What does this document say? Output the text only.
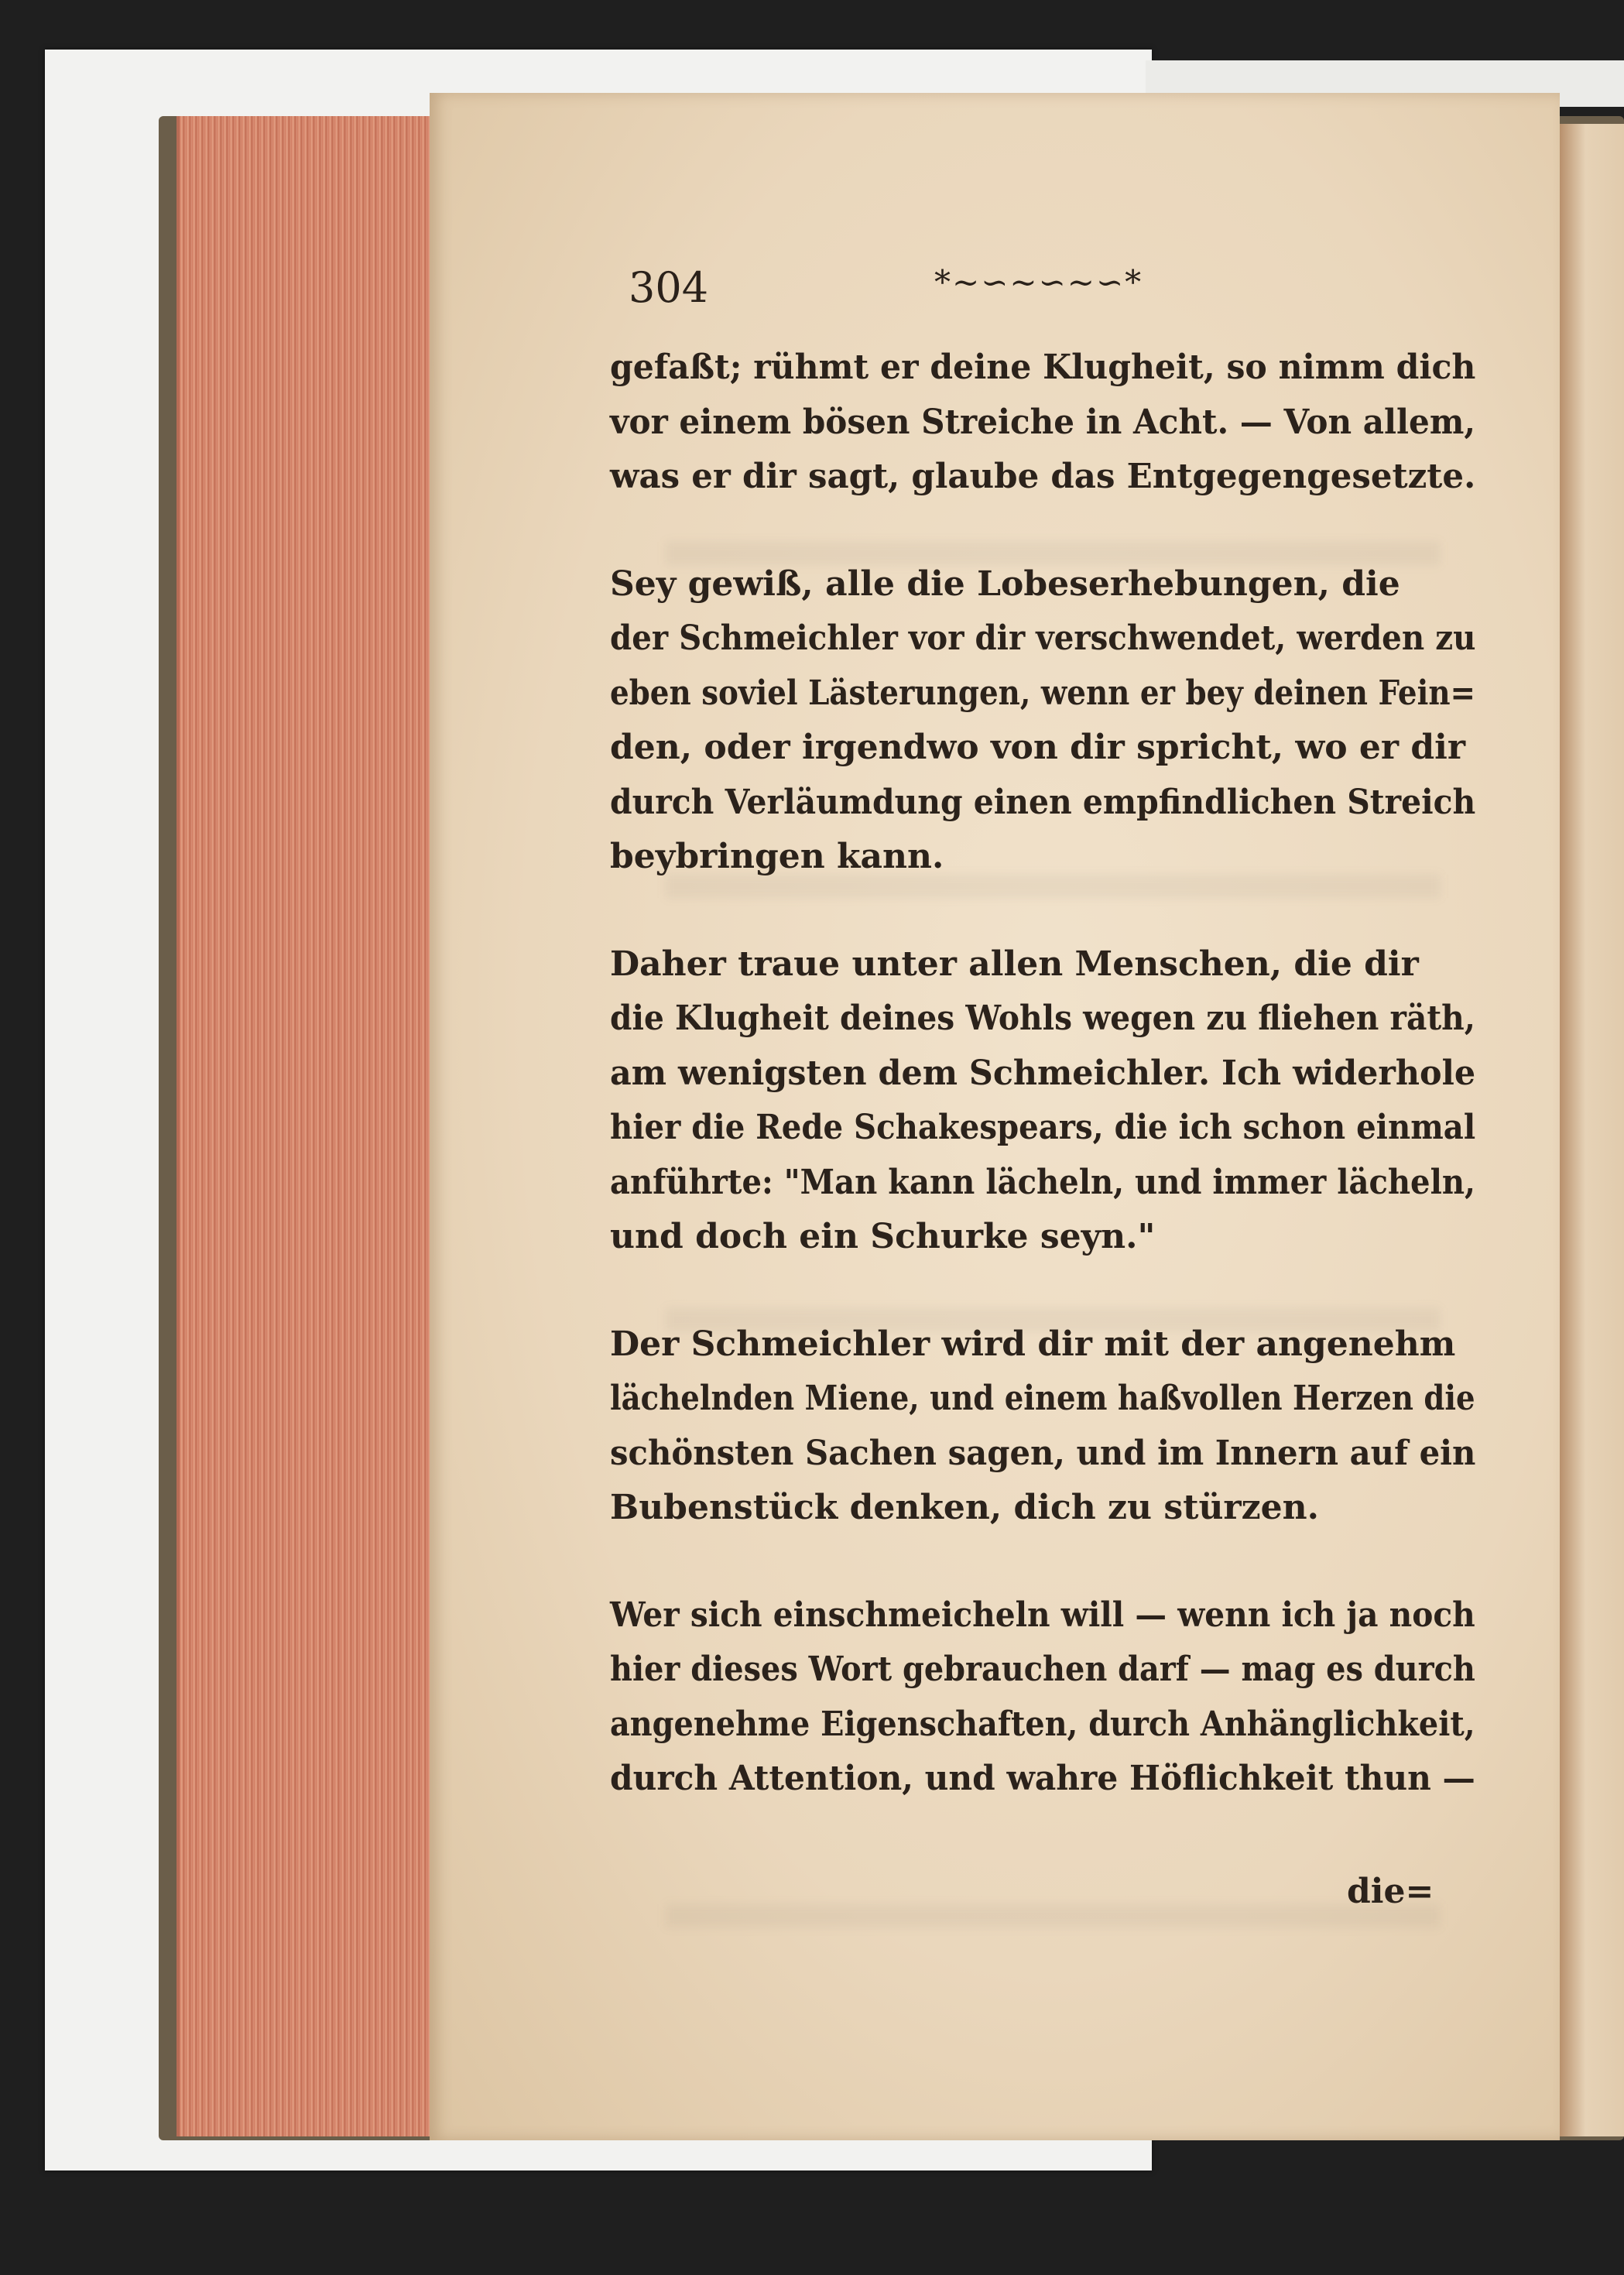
304	*~∽~∽~∽*

gefaßt; rühmt er deine Klugheit, so nimm dich
vor einem bösen Streiche in Acht. — Von allem,
was er dir sagt, glaube das Entgegengesetzte.

Sey gewiß, alle die Lobeserhebungen, die
der Schmeichler vor dir verschwendet, werden zu
eben soviel Lästerungen, wenn er bey deinen Fein=
den, oder irgendwo von dir spricht, wo er dir
durch Verläumdung einen empfindlichen Streich
beybringen kann.

Daher traue unter allen Menschen, die dir
die Klugheit deines Wohls wegen zu fliehen räth,
am wenigsten dem Schmeichler. Ich widerhole
hier die Rede Schakespears, die ich schon einmal
anführte: "Man kann lächeln, und immer lächeln,
und doch ein Schurke seyn."

Der Schmeichler wird dir mit der angenehm
lächelnden Miene, und einem haßvollen Herzen die
schönsten Sachen sagen, und im Innern auf ein
Bubenstück denken, dich zu stürzen.

Wer sich einschmeicheln will — wenn ich ja noch
hier dieses Wort gebrauchen darf — mag es durch
angenehme Eigenschaften, durch Anhänglichkeit,
durch Attention, und wahre Höflichkeit thun —

die=
